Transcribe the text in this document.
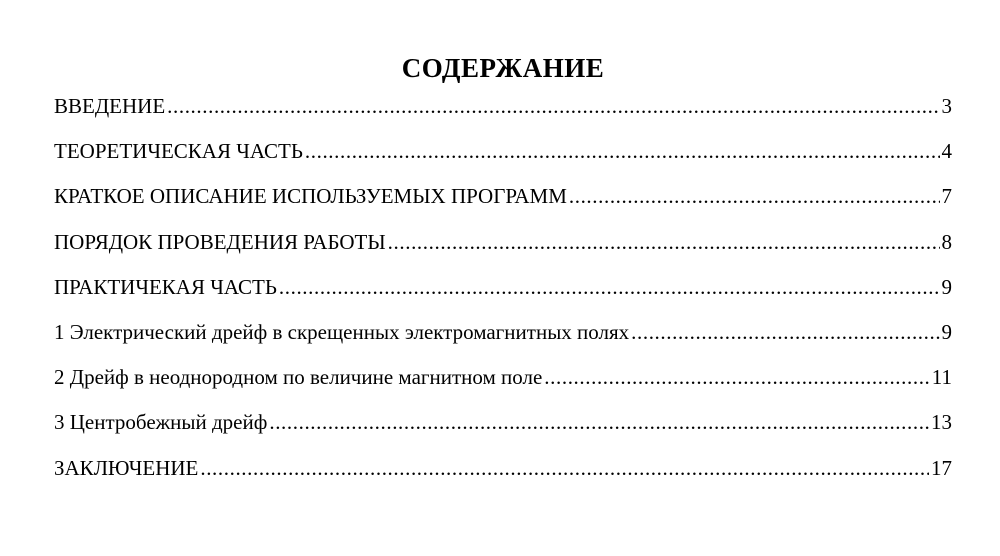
СОДЕРЖАНИЕ
ВВЕДЕНИЕ .....	3
ТЕОРЕТИЧЕСКАЯ ЧАСТЬ .....	4
КРАТКОЕ ОПИСАНИЕ ИСПОЛЬЗУЕМЫХ ПРОГРАММ .....	7
ПОРЯДОК ПРОВЕДЕНИЯ РАБОТЫ .....	8
ПРАКТИЧЕКАЯ ЧАСТЬ .....	9
1 Электрический дрейф в скрещенных электромагнитных полях .....	9
2 Дрейф в неоднородном по величине магнитном поле .....	11
3 Центробежный дрейф .....	13
ЗАКЛЮЧЕНИЕ .....	17
